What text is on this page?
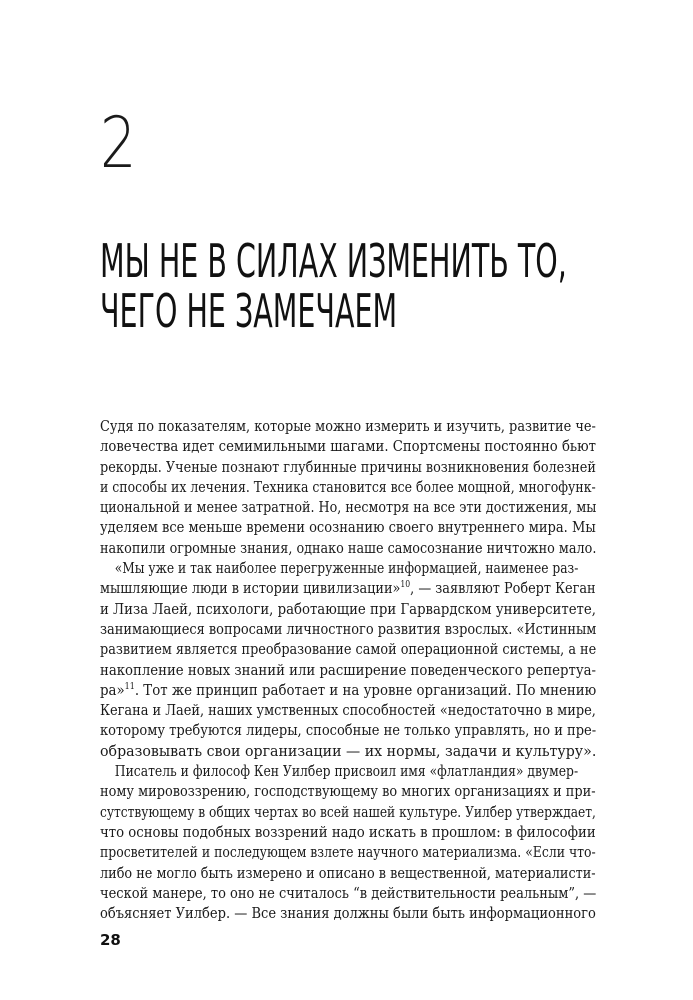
2
МЫ НЕ В СИЛАХ ИЗМЕНИТЬ ТО,
ЧЕГО НЕ ЗАМЕЧАЕМ
Судя по показателям, которые можно измерить и изучить, развитие че-
ловечества идет семимильными шагами. Спортсмены постоянно бьют
рекорды. Ученые познают глубинные причины возникновения болезней
и способы их лечения. Техника становится все более мощной, многофунк-
циональной и менее затратной. Но, несмотря на все эти достижения, мы
уделяем все меньше времени осознанию своего внутреннего мира. Мы
накопили огромные знания, однако наше самосознание ничтожно мало.
«Мы уже и так наиболее перегруженные информацией, наименее раз-
мышляющие люди в истории цивилизации»$^{10}$, — заявляют Роберт Кеган
и Лиза Лаей, психологи, работающие при Гарвардском университете,
занимающиеся вопросами личностного развития взрослых. «Истинным
развитием является преобразование самой операционной системы, а не
накопление новых знаний или расширение поведенческого репертуа-
ра»$^{11}$. Тот же принцип работает и на уровне организаций. По мнению
Кегана и Лаей, наших умственных способностей «недостаточно в мире,
которому требуются лидеры, способные не только управлять, но и пре-
образовывать свои организации — их нормы, задачи и культуру».
Писатель и философ Кен Уилбер присвоил имя «флатландия» двумер-
ному мировоззрению, господствующему во многих организациях и при-
сутствующему в общих чертах во всей нашей культуре. Уилбер утверждает,
что основы подобных воззрений надо искать в прошлом: в философии
просветителей и последующем взлете научного материализма. «Если что-
либо не могло быть измерено и описано в вещественной, материалисти-
ческой манере, то оно не считалось “в действительности реальным”, —
объясняет Уилбер. — Все знания должны были быть информационного
28
